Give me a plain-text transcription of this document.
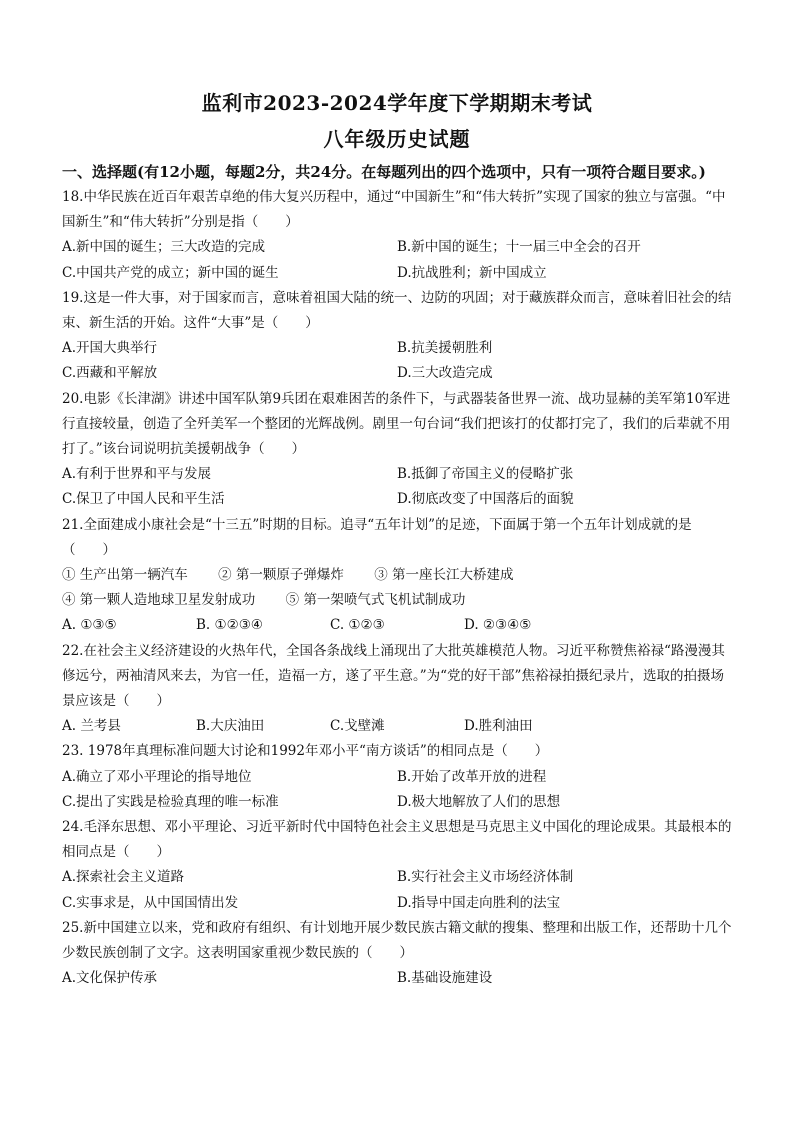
监利市2023-2024学年度下学期期末考试
八年级历史试题

一、选择题(有12小题，每题2分，共24分。在每题列出的四个选项中，只有一项符合题目要求。)

18.中华民族在近百年艰苦卓绝的伟大复兴历程中，通过“中国新生”和“伟大转折”实现了国家的独立与富强。“中国新生”和“伟大转折”分别是指（　　）

A.新中国的诞生；三大改造的完成	B.新中国的诞生；十一届三中全会的召开
C.中国共产党的成立；新中国的诞生	D.抗战胜利；新中国成立

19.这是一件大事，对于国家而言，意味着祖国大陆的统一、边防的巩固；对于藏族群众而言，意味着旧社会的结束、新生活的开始。这件“大事”是（　　）

A.开国大典举行	B.抗美援朝胜利
C.西藏和平解放	D.三大改造完成

20.电影《长津湖》讲述中国军队第9兵团在艰难困苦的条件下，与武器装备世界一流、战功显赫的美军第10军进行直接较量，创造了全歼美军一个整团的光辉战例。剧里一句台词“我们把该打的仗都打完了，我们的后辈就不用打了。”该台词说明抗美援朝战争（　　）

A.有利于世界和平与发展	B.抵御了帝国主义的侵略扩张
C.保卫了中国人民和平生活	D.彻底改变了中国落后的面貌

21.全面建成小康社会是“十三五”时期的目标。追寻“五年计划”的足迹，下面属于第一个五年计划成就的是（　　）

① 生产出第一辆汽车 ② 第一颗原子弹爆炸 ③ 第一座长江大桥建成
④ 第一颗人造地球卫星发射成功 ⑤ 第一架喷气式飞机试制成功
A. ①③⑤	B. ①②③④	C. ①②③	D. ②③④⑤

22.在社会主义经济建设的火热年代，全国各条战线上涌现出了大批英雄模范人物。习近平称赞焦裕禄“路漫漫其修远兮，两袖清风来去，为官一任，造福一方，遂了平生意。”为“党的好干部”焦裕禄拍摄纪录片，选取的拍摄场景应该是（　　）

A. 兰考县	B.大庆油田	C.戈壁滩	D.胜利油田

23. 1978年真理标准问题大讨论和1992年邓小平“南方谈话”的相同点是（　　）

A.确立了邓小平理论的指导地位	B.开始了改革开放的进程
C.提出了实践是检验真理的唯一标准	D.极大地解放了人们的思想

24.毛泽东思想、邓小平理论、习近平新时代中国特色社会主义思想是马克思主义中国化的理论成果。其最根本的相同点是（　　）

A.探索社会主义道路	B.实行社会主义市场经济体制
C.实事求是，从中国国情出发	D.指导中国走向胜利的法宝

25.新中国建立以来，党和政府有组织、有计划地开展少数民族古籍文献的搜集、整理和出版工作，还帮助十几个少数民族创制了文字。这表明国家重视少数民族的（　　）

A.文化保护传承	B.基础设施建设
